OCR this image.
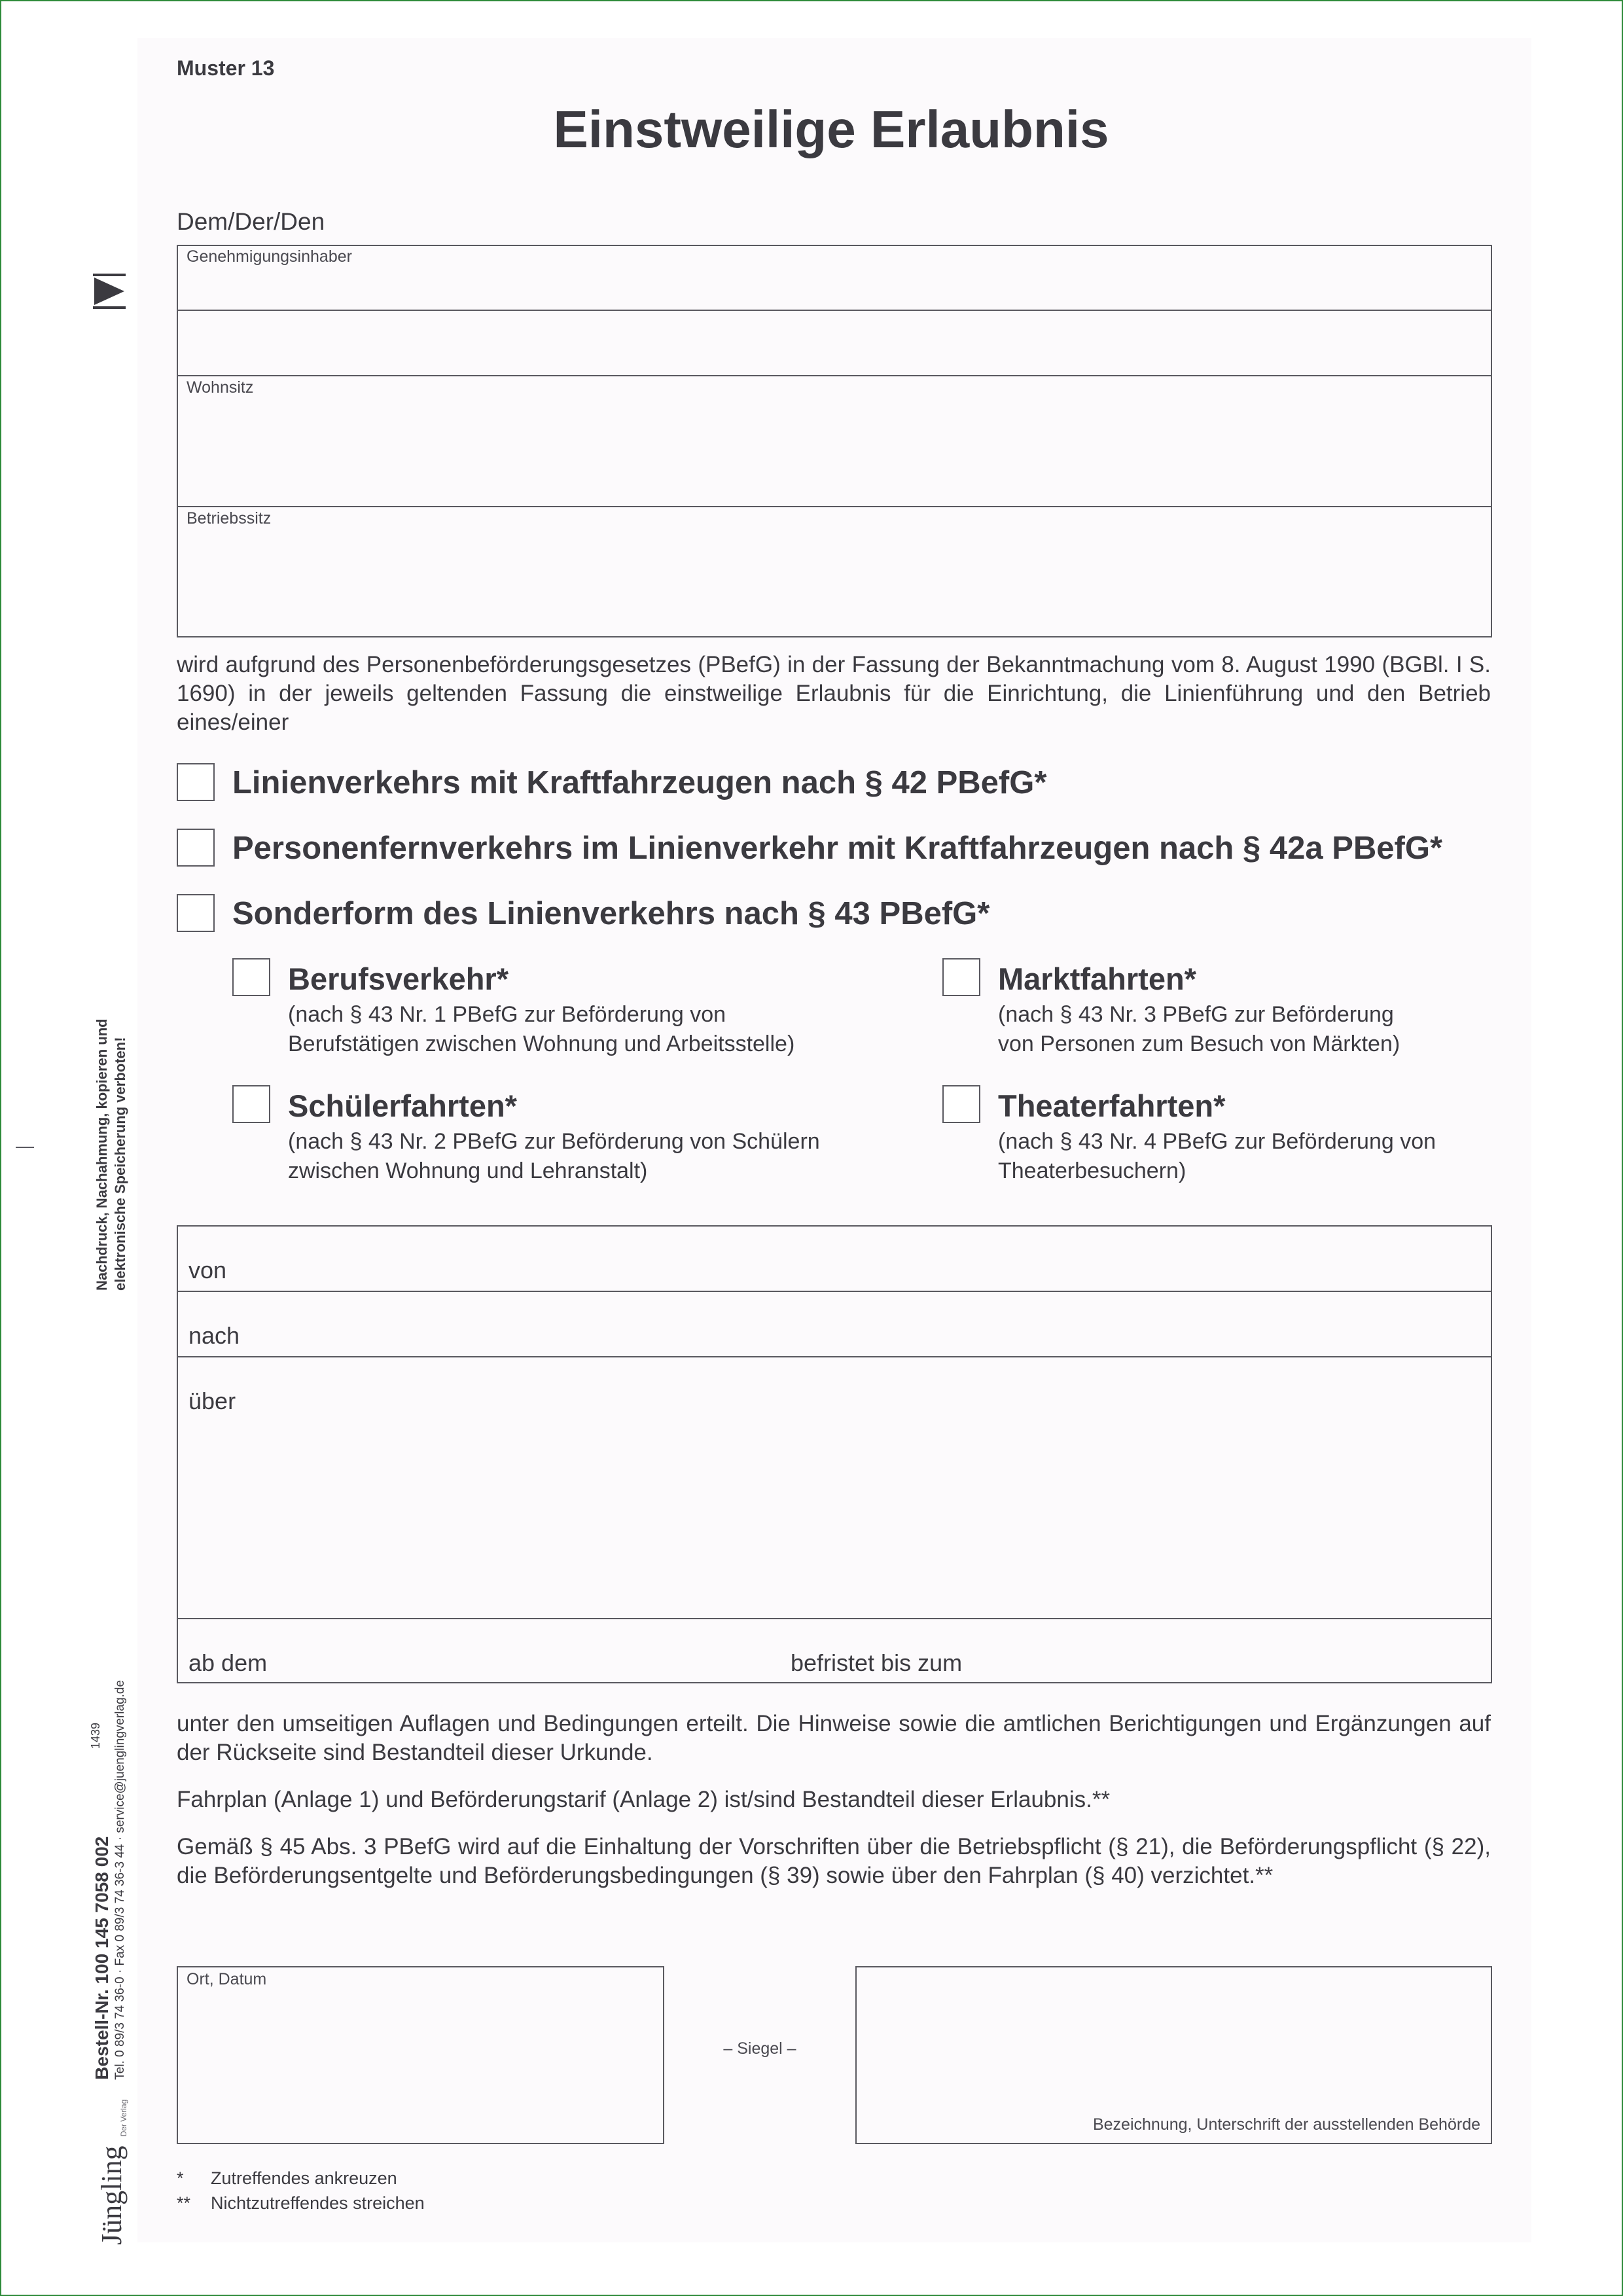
Nachdruck, Nachahmung, kopieren und elektronische Speicherung verboten!
Jüngling
Der Verlag
Bestell-Nr. 100 145 7058 002 Tel. 0 89/3 74 36-0 · Fax 0 89/3 74 36-3 44 · service@juenglingverlag.de
1439
Muster 13
Einstweilige Erlaubnis
Dem/Der/Den
Genehmigungsinhaber
Wohnsitz
Betriebssitz
wird aufgrund des Personenbeförderungsgesetzes (PBefG) in der Fassung der Bekanntmachung vom 8. August 1990 (BGBl. I S. 1690) in der jeweils geltenden Fassung die einstweilige Erlaubnis für die Einrichtung, die Linienführung und den Betrieb eines/einer
Linienverkehrs mit Kraftfahrzeugen nach § 42 PBefG*
Personenfernverkehrs im Linienverkehr mit Kraftfahrzeugen nach § 42a PBefG*
Sonderform des Linienverkehrs nach § 43 PBefG*
Berufsverkehr*
(nach § 43 Nr. 1 PBefG zur Beförderung von
Berufstätigen zwischen Wohnung und Arbeitsstelle)
Marktfahrten*
(nach § 43 Nr. 3 PBefG zur Beförderung
von Personen zum Besuch von Märkten)
Schülerfahrten*
(nach § 43 Nr. 2 PBefG zur Beförderung von Schülern
zwischen Wohnung und Lehranstalt)
Theaterfahrten*
(nach § 43 Nr. 4 PBefG zur Beförderung von
Theaterbesuchern)
von
nach
über
ab dem	befristet bis zum
unter den umseitigen Auflagen und Bedingungen erteilt. Die Hinweise sowie die amtlichen Berichtigungen und Ergänzungen auf der Rückseite sind Bestandteil dieser Urkunde.
Fahrplan (Anlage 1) und Beförderungstarif (Anlage 2) ist/sind Bestandteil dieser Erlaubnis.**
Gemäß § 45 Abs. 3 PBefG wird auf die Einhaltung der Vorschriften über die Betriebspflicht (§ 21), die Beförderungspflicht (§ 22), die Beförderungsentgelte und Beförderungsbedingungen (§ 39) sowie über den Fahrplan (§ 40) verzichtet.**
Ort, Datum
– Siegel –
Bezeichnung, Unterschrift der ausstellenden Behörde
* Zutreffendes ankreuzen
** Nichtzutreffendes streichen
